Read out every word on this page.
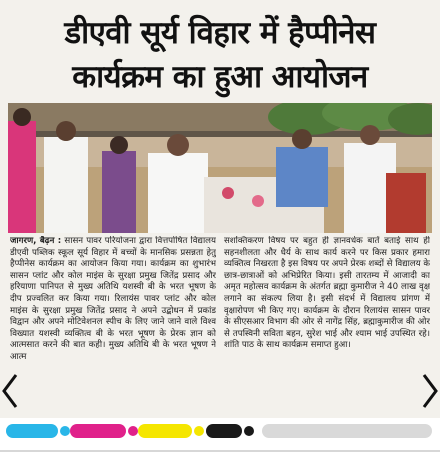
डीएवी सूर्य विहार में हैप्पीनेस
कार्यक्रम का हुआ आयोजन
जागरण, बैढ़न : सासन पावर परियोजना द्वारा वित्तपोषित विद्यालय डीएवी पब्लिक स्कूल सूर्य विहार में बच्चों के मानसिक प्रसन्नता हेतु हैप्पीनेस कार्यक्रम का आयोजन किया गया। कार्यक्रम का शुभारंभ सासन प्लांट और कोल माइंस के सुरक्षा प्रमुख जितेंद्र प्रसाद और हरियाणा पानिपत से मुख्य अतिथि यशस्वी बी के भरत भूषण के दीप प्रज्वलित कर किया गया। रिलायंस पावर प्लांट और कोल माइंस के सुरक्षा प्रमुख जितेंद्र प्रसाद ने अपने उद्बोधन में प्रकांड विद्वान और अपने मोटिवेशनल स्पीच के लिए जाने जाने वाले विश्व विख्यात यशस्वी व्यक्तित्व बी के भरत भूषण के प्रेरक ज्ञान को आत्मसात करने की बात कही। मुख्य अतिथि बी के भरत भूषण ने आत्म
सशक्तिकरण विषय पर बहुत ही ज्ञानवर्धक बातें बताई साथ ही सहनशीलता और धैर्य के साथ कार्य करने पर किस प्रकार हमारा व्यक्तित्व निखरता है इस विषय पर अपने प्रेरक शब्दों से विद्यालय के छात्र-छात्राओं को अभिप्रेरित किया। इसी तारतम्य में आजादी का अमृत महोत्सव कार्यक्रम के अंतर्गत ब्रह्मा कुमारीज ने 40 लाख वृक्ष लगाने का संकल्प लिया है। इसी संदर्भ में विद्यालय प्रांगण में वृक्षारोपण भी किए गए। कार्यक्रम के दौरान रिलायंस सासन पावर के सीएसआर विभाग की ओर से नागेंद्र सिंह, ब्रह्माकुमारीज की ओर से तपस्विनी सविता बहन, सुरेश भाई और श्याम भाई उपस्थित रहे। शांति पाठ के साथ कार्यक्रम समाप्त हुआ।
